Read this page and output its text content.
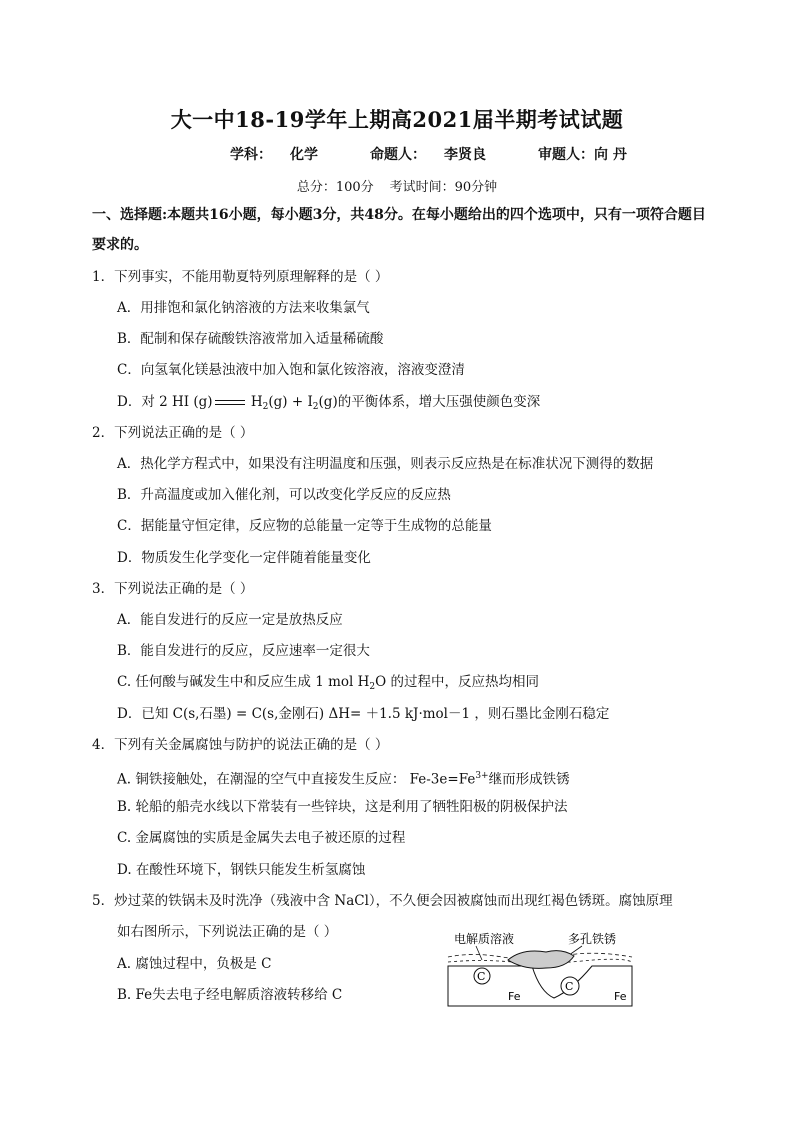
大一中18-19学年上期高2021届半期考试试题
学科： 化学	命题人： 李贤良	审题人：向 丹
总分：100分 考试时间：90分钟
一、选择题:本题共16小题，每小题3分，共48分。在每小题给出的四个选项中，只有一项符合题目要求的。
1．下列事实，不能用勒夏特列原理解释的是（ ）
A．用排饱和氯化钠溶液的方法来收集氯气
B．配制和保存硫酸铁溶液常加入适量稀硫酸
C．向氢氧化镁悬浊液中加入饱和氯化铵溶液，溶液变澄清
D．对 2 HI (g)	$H_2(g) + I_2(g)$的平衡体系，增大压强使颜色变深
2．下列说法正确的是（ ）
A．热化学方程式中，如果没有注明温度和压强，则表示反应热是在标准状况下测得的数据
B．升高温度或加入催化剂，可以改变化学反应的反应热
C．据能量守恒定律，反应物的总能量一定等于生成物的总能量
D．物质发生化学变化一定伴随着能量变化
3．下列说法正确的是（ ）
A．能自发进行的反应一定是放热反应
B．能自发进行的反应，反应速率一定很大
C. 任何酸与碱发生中和反应生成 1 mol $H_2O$ 的过程中，反应热均相同
D．已知 C(s,石墨) = C(s,金刚石) ΔH= ＋1.5 kJ·mol－1 ，则石墨比金刚石稳定
4．下列有关金属腐蚀与防护的说法正确的是（ ）
A. 铜铁接触处，在潮湿的空气中直接发生反应： $Fe-3e=Fe^{3+}$继而形成铁锈
B. 轮船的船壳水线以下常装有一些锌块，这是利用了牺牲阳极的阴极保护法
C. 金属腐蚀的实质是金属失去电子被还原的过程
D. 在酸性环境下，钢铁只能发生析氢腐蚀
5．炒过菜的铁锅未及时洗净（残液中含 NaCl），不久便会因被腐蚀而出现红褐色锈斑。腐蚀原理
如右图所示，下列说法正确的是（ ）
A. 腐蚀过程中，负极是 C
B. Fe失去电子经电解质溶液转移给 C
电解质溶液	多孔铁锈
C
C
Fe	Fe
